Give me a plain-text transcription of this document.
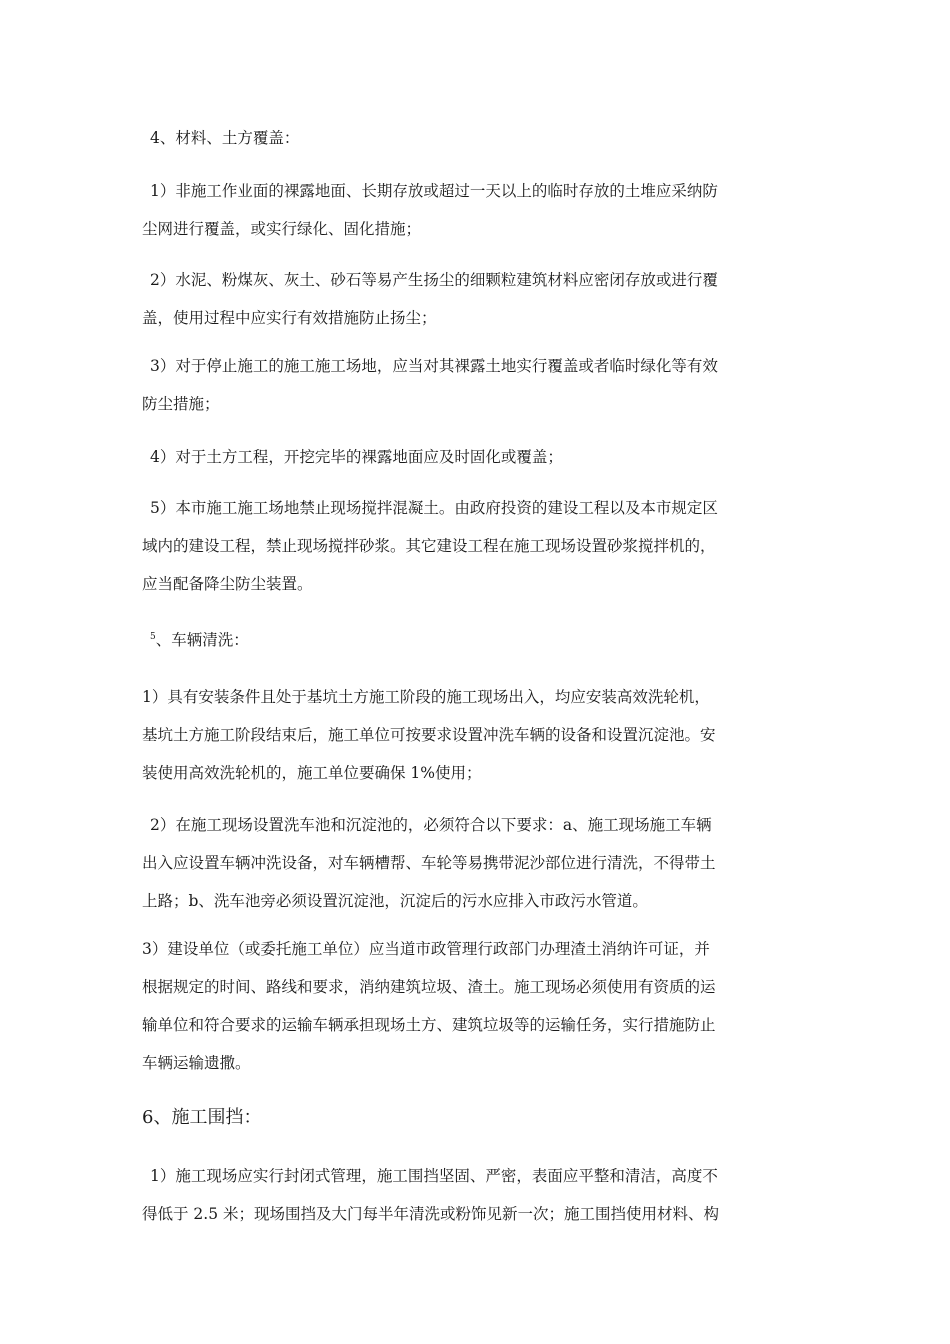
4、材料、土方覆盖：
1）非施工作业面的裸露地面、长期存放或超过一天以上的临时存放的土堆应采纳防
尘网进行覆盖，或实行绿化、固化措施；
2）水泥、粉煤灰、灰土、砂石等易产生扬尘的细颗粒建筑材料应密闭存放或进行覆
盖，使用过程中应实行有效措施防止扬尘；
3）对于停止施工的施工施工场地，应当对其裸露土地实行覆盖或者临时绿化等有效
防尘措施；
4）对于土方工程，开挖完毕的裸露地面应及时固化或覆盖；
5）本市施工施工场地禁止现场搅拌混凝土。由政府投资的建设工程以及本市规定区
域内的建设工程，禁止现场搅拌砂浆。其它建设工程在施工现场设置砂浆搅拌机的，
应当配备降尘防尘装置。
$^5$、车辆清洗：
1）具有安装条件且处于基坑土方施工阶段的施工现场出入，均应安装高效洗轮机，
基坑土方施工阶段结束后，施工单位可按要求设置冲洗车辆的设备和设置沉淀池。安
装使用高效洗轮机的，施工单位要确保 1%使用；
2）在施工现场设置洗车池和沉淀池的，必须符合以下要求：a、施工现场施工车辆
出入应设置车辆冲洗设备，对车辆槽帮、车轮等易携带泥沙部位进行清洗，不得带土
上路；b、洗车池旁必须设置沉淀池，沉淀后的污水应排入市政污水管道。
3）建设单位（或委托施工单位）应当道市政管理行政部门办理渣土消纳许可证，并
根据规定的时间、路线和要求，消纳建筑垃圾、渣土。施工现场必须使用有资质的运
输单位和符合要求的运输车辆承担现场土方、建筑垃圾等的运输任务，实行措施防止
车辆运输遗撒。
6、施工围挡：
1）施工现场应实行封闭式管理，施工围挡坚固、严密，表面应平整和清洁，高度不
得低于 2.5 米；现场围挡及大门每半年清洗或粉饰见新一次；施工围挡使用材料、构
